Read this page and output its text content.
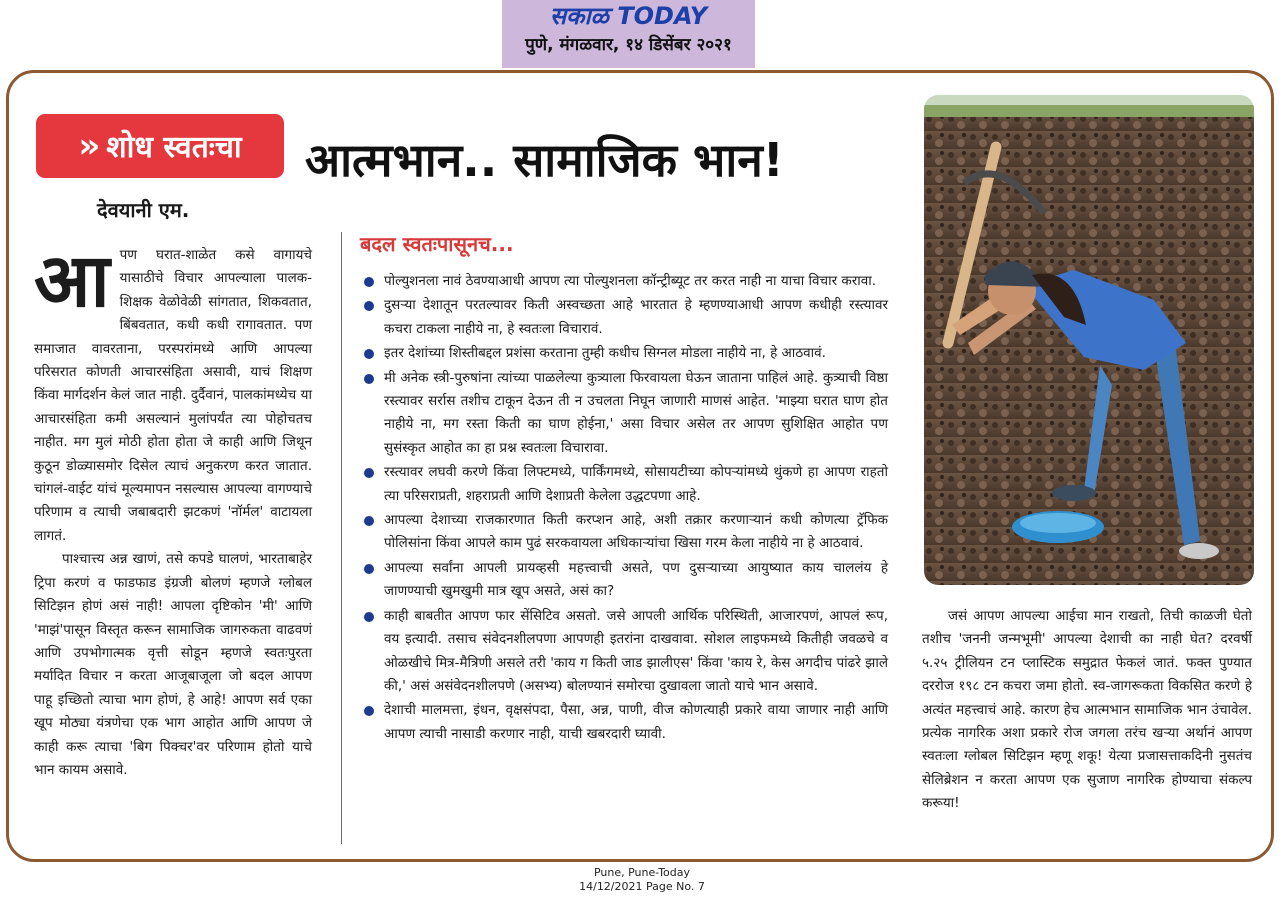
सकाळ TODAY
पुणे, मंगळवार, १४ डिसेंबर २०२१
» शोध स्वतःचा	आत्मभान.. सामाजिक भान!
देवयानी एम.

आपण घरात-शाळेत कसे वागायचे यासाठीचे विचार आपल्याला पालक-शिक्षक वेळोवेळी सांगतात, शिकवतात, बिंबवतात, कधी कधी रागावतात. पण समाजात वावरताना, परस्परांमध्ये आणि आपल्या परिसरात कोणती आचारसंहिता असावी, याचं शिक्षण किंवा मार्गदर्शन केलं जात नाही. दुर्दैवानं, पालकांमध्येच या आचारसंहिता कमी असल्यानं मुलांपर्यंत त्या पोहोचतच नाहीत. मग मुलं मोठी होता होता जे काही आणि जिथून कुठून डोळ्यासमोर दिसेल त्याचं अनुकरण करत जातात. चांगलं-वाईट यांचं मूल्यमापन नसल्यास आपल्या वागण्याचे परिणाम व त्याची जबाबदारी झटकणं 'नॉर्मल' वाटायला लागतं.

पाश्चात्त्य अन्न खाणं, तसे कपडे घालणं, भारताबाहेर ट्रिपा करणं व फाडफाड इंग्रजी बोलणं म्हणजे ग्लोबल सिटिझन होणं असं नाही! आपला दृष्टिकोन 'मी' आणि 'माझं'पासून विस्तृत करून सामाजिक जागरुकता वाढवणं आणि उपभोगात्मक वृत्ती सोडून म्हणजे स्वतःपुरता मर्यादित विचार न करता आजूबाजूला जो बदल आपण पाहू इच्छितो त्याचा भाग होणं, हे आहे! आपण सर्व एका खूप मोठ्या यंत्रणेचा एक भाग आहोत आणि आपण जे काही करू त्याचा 'बिग पिक्चर'वर परिणाम होतो याचे भान कायम असावे.

बदल स्वतःपासूनच...
पोल्युशनला नावं ठेवण्याआधी आपण त्या पोल्युशनला कॉन्ट्रीब्यूट तर करत नाही ना याचा विचार करावा.
दुसऱ्या देशातून परतल्यावर किती अस्वच्छता आहे भारतात हे म्हणण्याआधी आपण कधीही रस्त्यावर कचरा टाकला नाहीये ना, हे स्वतःला विचारावं.
इतर देशांच्या शिस्तीबद्दल प्रशंसा करताना तुम्ही कधीच सिग्नल मोडला नाहीये ना, हे आठवावं.
मी अनेक स्त्री-पुरुषांना त्यांच्या पाळलेल्या कुत्र्याला फिरवायला घेऊन जाताना पाहिलं आहे. कुत्र्याची विष्ठा रस्त्यावर सर्रास तशीच टाकून देऊन ती न उचलता निघून जाणारी माणसं आहेत. 'माझ्या घरात घाण होत नाहीये ना, मग रस्ता किती का घाण होईना,' असा विचार असेल तर आपण सुशिक्षित आहोत पण सुसंस्कृत आहोत का हा प्रश्न स्वतःला विचारावा.
रस्त्यावर लघवी करणे किंवा लिफ्टमध्ये, पार्किंगमध्ये, सोसायटीच्या कोपऱ्यांमध्ये थुंकणे हा आपण राहतो त्या परिसराप्रती, शहराप्रती आणि देशाप्रती केलेला उद्धटपणा आहे.
आपल्या देशाच्या राजकारणात किती करप्शन आहे, अशी तक्रार करणाऱ्यानं कधी कोणत्या ट्रॅफिक पोलिसांना किंवा आपले काम पुढं सरकवायला अधिकाऱ्यांचा खिसा गरम केला नाहीये ना हे आठवावं.
आपल्या सर्वांना आपली प्रायव्हसी महत्त्वाची असते, पण दुसऱ्याच्या आयुष्यात काय चाललंय हे जाणण्याची खुमखुमी मात्र खूप असते, असं का?
काही बाबतीत आपण फार सेंसिटिव असतो. जसे आपली आर्थिक परिस्थिती, आजारपणं, आपलं रूप, वय इत्यादी. तसाच संवेदनशीलपणा आपणही इतरांना दाखवावा. सोशल लाइफमध्ये कितीही जवळचे व ओळखीचे मित्र-मैत्रिणी असले तरी 'काय ग किती जाड झालीएस' किंवा 'काय रे, केस अगदीच पांढरे झाले की,' असं असंवेदनशीलपणे (असभ्य) बोलण्यानं समोरचा दुखावला जातो याचे भान असावे.
देशाची मालमत्ता, इंधन, वृक्षसंपदा, पैसा, अन्न, पाणी, वीज कोणत्याही प्रकारे वाया जाणार नाही आणि आपण त्याची नासाडी करणार नाही, याची खबरदारी घ्यावी.

जसं आपण आपल्या आईचा मान राखतो, तिची काळजी घेतो तशीच 'जननी जन्मभूमी' आपल्या देशाची का नाही घेत? दरवर्षी ५.२५ ट्रीलियन टन प्लास्टिक समुद्रात फेकलं जातं. फक्त पुण्यात दररोज १९८ टन कचरा जमा होतो. स्व-जागरूकता विकसित करणे हे अत्यंत महत्त्वाचं आहे. कारण हेच आत्मभान सामाजिक भान उंचावेल. प्रत्येक नागरिक अशा प्रकारे रोज जगला तरंच खऱ्या अर्थानं आपण स्वतःला ग्लोबल सिटिझन म्हणू शकू! येत्या प्रजासत्ताकदिनी नुसतंच सेलिब्रेशन न करता आपण एक सुजाण नागरिक होण्याचा संकल्प करूया!

Pune, Pune-Today
14/12/2021 Page No. 7
